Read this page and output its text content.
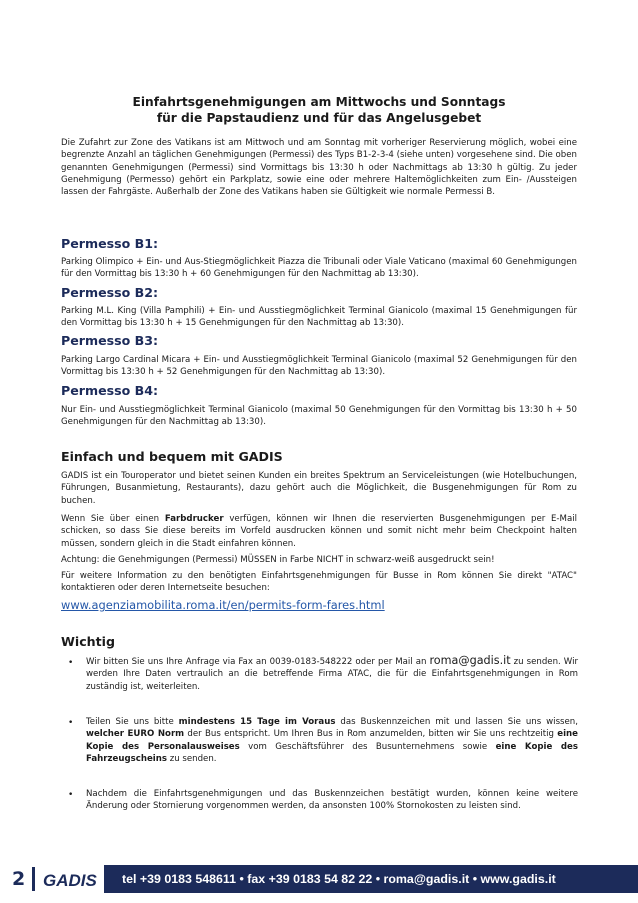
Einfahrtsgenehmigungen am Mittwochs und Sonntags
für die Papstaudienz und für das Angelusgebet
Die Zufahrt zur Zone des Vatikans ist am Mittwoch und am Sonntag mit vorheriger Reservierung möglich, wobei eine begrenzte Anzahl an täglichen Genehmigungen (Permessi) des Typs B1-2-3-4 (siehe unten) vorgesehene sind. Die oben genannten Genehmigungen (Permessi) sind Vormittags bis 13:30 h oder Nachmittags ab 13:30 h gültig. Zu jeder Genehmigung (Permesso) gehört ein Parkplatz, sowie eine oder mehrere Haltemöglichkeiten zum Ein- /Aussteigen lassen der Fahrgäste. Außerhalb der Zone des Vatikans haben sie Gültigkeit wie normale Permessi B.
Permesso B1:
Parking Olimpico + Ein- und Aus-Stiegmöglichkeit Piazza die Tribunali oder Viale Vaticano (maximal 60 Genehmigungen für den Vormittag bis 13:30 h + 60 Genehmigungen für den Nachmittag ab 13:30).
Permesso B2:
Parking M.L. King (Villa Pamphili) + Ein- und Ausstiegmöglichkeit Terminal Gianicolo (maximal 15 Genehmigungen für den Vormittag bis 13:30 h + 15 Genehmigungen für den Nachmittag ab 13:30).
Permesso B3:
Parking Largo Cardinal Micara + Ein- und Ausstiegmöglichkeit Terminal Gianicolo (maximal 52 Genehmigungen für den Vormittag bis 13:30 h + 52 Genehmigungen für den Nachmittag ab 13:30).
Permesso B4:
Nur Ein- und Ausstiegmöglichkeit Terminal Gianicolo (maximal 50 Genehmigungen für den Vormittag bis 13:30 h + 50 Genehmigungen für den Nachmittag ab 13:30).
Einfach und bequem mit GADIS
GADIS ist ein Touroperator und bietet seinen Kunden ein breites Spektrum an Serviceleistungen (wie Hotelbuchungen, Führungen, Busanmietung, Restaurants), dazu gehört auch die Möglichkeit, die Busgenehmigungen für Rom zu buchen.
Wenn Sie über einen Farbdrucker verfügen, können wir Ihnen die reservierten Busgenehmigungen per E-Mail schicken, so dass Sie diese bereits im Vorfeld ausdrucken können und somit nicht mehr beim Checkpoint halten müssen, sondern gleich in die Stadt einfahren können.
Achtung: die Genehmigungen (Permessi) MÜSSEN in Farbe NICHT in schwarz-weiß ausgedruckt sein!
Für weitere Information zu den benötigten Einfahrtsgenehmigungen für Busse in Rom können Sie direkt "ATAC" kontaktieren oder deren Internetseite besuchen:
www.agenziamobilita.roma.it/en/permits-form-fares.html
Wichtig
• Wir bitten Sie uns Ihre Anfrage via Fax an 0039-0183-548222 oder per Mail an roma@gadis.it zu senden. Wir werden Ihre Daten vertraulich an die betreffende Firma ATAC, die für die Einfahrtsgenehmigungen in Rom zuständig ist, weiterleiten.
• Teilen Sie uns bitte mindestens 15 Tage im Voraus das Buskennzeichen mit und lassen Sie uns wissen, welcher EURO Norm der Bus entspricht. Um Ihren Bus in Rom anzumelden, bitten wir Sie uns rechtzeitig eine Kopie des Personalausweises vom Geschäftsführer des Busunternehmens sowie eine Kopie des Fahrzeugscheins zu senden.
• Nachdem die Einfahrtsgenehmigungen und das Buskennzeichen bestätigt wurden, können keine weitere Änderung oder Stornierung vorgenommen werden, da ansonsten 100% Stornokosten zu leisten sind.
2 GADIS tel +39 0183 548611 • fax +39 0183 54 82 22 • roma@gadis.it • www.gadis.it
